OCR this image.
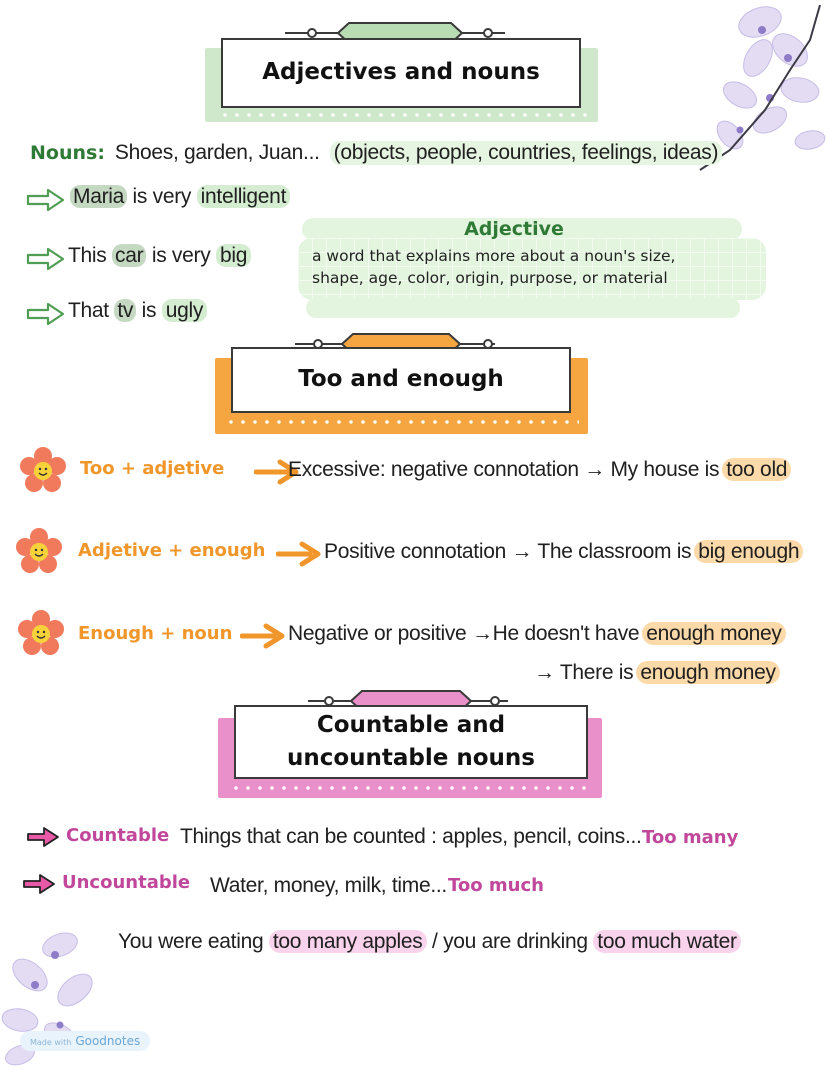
Adjectives and nouns
Nouns: Shoes, garden, Juan... (objects, people, countries, feelings, ideas)
Maria is very intelligent
This car is very big
That tv is ugly
Adjective
a word that explains more about a noun's size,
shape, age, color, origin, purpose, or material
Too and enough
Too + adjetive	Excessive: negative connotation → My house is too old
Adjetive + enough	Positive connotation → The classroom is big enough
Enough + noun	Negative or positive →He doesn't have enough money
→ There is enough money
Countable and
uncountable nouns
Countable Things that can be counted : apples, pencil, coins... Too many
Uncountable Water, money, milk, time... Too much
You were eating too many apples / you are drinking too much water
Made with Goodnotes
